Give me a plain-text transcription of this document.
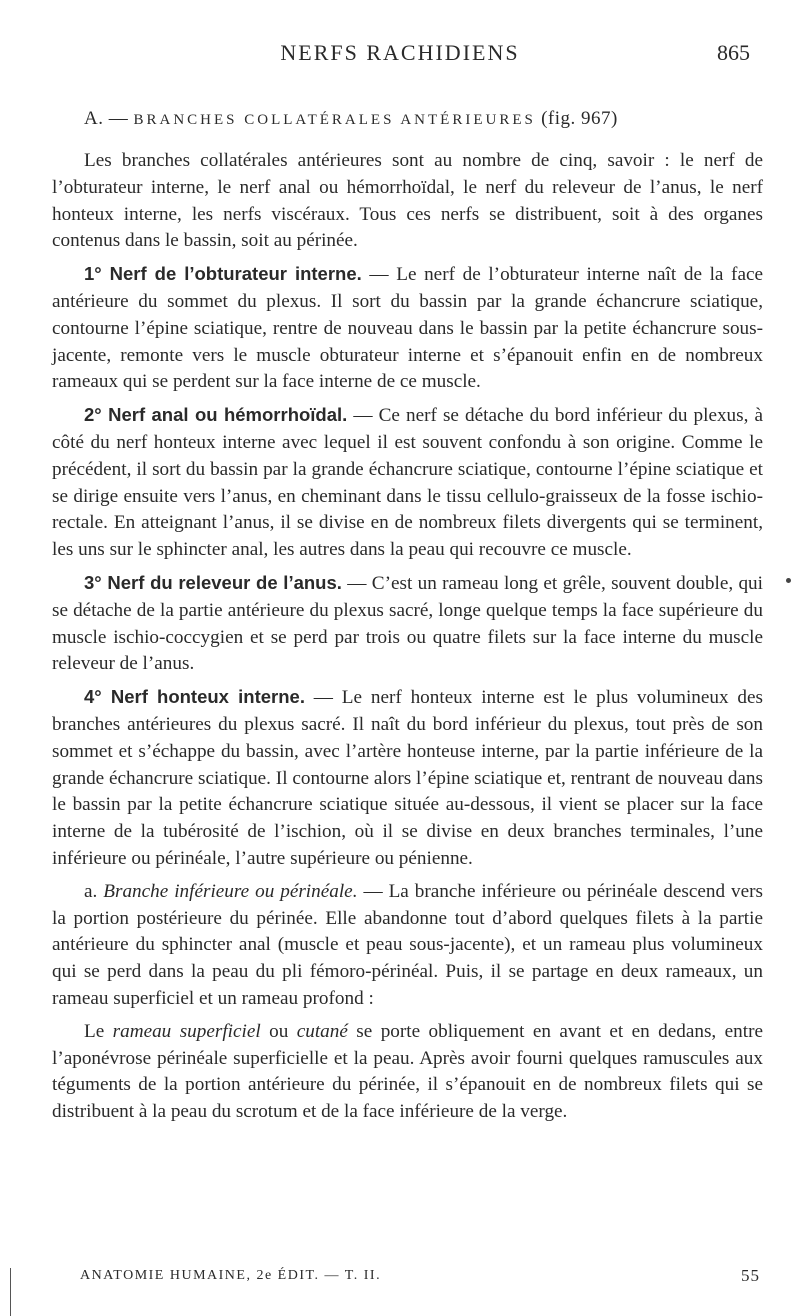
NERFS RACHIDIENS	865
A. — BRANCHES COLLATÉRALES ANTÉRIEURES (fig. 967)

Les branches collatérales antérieures sont au nombre de cinq, savoir : le nerf de l’obturateur interne, le nerf anal ou hémorrhoïdal, le nerf du releveur de l’anus, le nerf honteux interne, les nerfs viscéraux. Tous ces nerfs se distribuent, soit à des organes contenus dans le bassin, soit au périnée.

1° Nerf de l’obturateur interne. — Le nerf de l’obturateur interne naît de la face antérieure du sommet du plexus. Il sort du bassin par la grande échancrure sciatique, contourne l’épine sciatique, rentre de nouveau dans le bassin par la petite échancrure sous-jacente, remonte vers le muscle obturateur interne et s’épanouit enfin en de nombreux rameaux qui se perdent sur la face interne de ce muscle.

2° Nerf anal ou hémorrhoïdal. — Ce nerf se détache du bord inférieur du plexus, à côté du nerf honteux interne avec lequel il est souvent confondu à son origine. Comme le précédent, il sort du bassin par la grande échancrure sciatique, contourne l’épine sciatique et se dirige ensuite vers l’anus, en cheminant dans le tissu cellulo-graisseux de la fosse ischio-rectale. En atteignant l’anus, il se divise en de nombreux filets divergents qui se terminent, les uns sur le sphincter anal, les autres dans la peau qui recouvre ce muscle.

3° Nerf du releveur de l’anus. — C’est un rameau long et grêle, souvent double, qui se détache de la partie antérieure du plexus sacré, longe quelque temps la face supérieure du muscle ischio-coccygien et se perd par trois ou quatre filets sur la face interne du muscle releveur de l’anus.

4° Nerf honteux interne. — Le nerf honteux interne est le plus volumineux des branches antérieures du plexus sacré. Il naît du bord inférieur du plexus, tout près de son sommet et s’échappe du bassin, avec l’artère honteuse interne, par la partie inférieure de la grande échancrure sciatique. Il contourne alors l’épine sciatique et, rentrant de nouveau dans le bassin par la petite échancrure sciatique située au-dessous, il vient se placer sur la face interne de la tubérosité de l’ischion, où il se divise en deux branches terminales, l’une inférieure ou périnéale, l’autre supérieure ou pénienne.

a. Branche inférieure ou périnéale. — La branche inférieure ou périnéale descend vers la portion postérieure du périnée. Elle abandonne tout d’abord quelques filets à la partie antérieure du sphincter anal (muscle et peau sous-jacente), et un rameau plus volumineux qui se perd dans la peau du pli fémoro-périnéal. Puis, il se partage en deux rameaux, un rameau superficiel et un rameau profond :

Le rameau superficiel ou cutané se porte obliquement en avant et en dedans, entre l’aponévrose périnéale superficielle et la peau. Après avoir fourni quelques ramuscules aux téguments de la portion antérieure du périnée, il s’épanouit en de nombreux filets qui se distribuent à la peau du scrotum et de la face inférieure de la verge.

ANATOMIE HUMAINE, 2e ÉDIT. — T. II.	55
